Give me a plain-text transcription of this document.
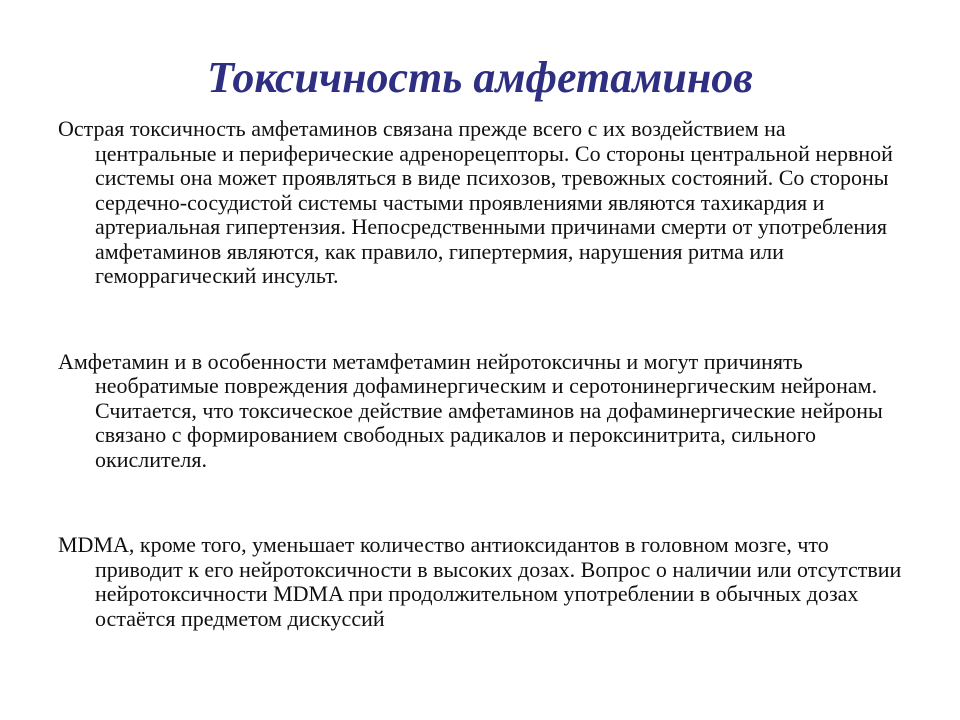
Токсичность амфетаминов

Острая токсичность амфетаминов связана прежде всего с их воздействием на центральные и периферические адренорецепторы. Со стороны центральной нервной системы она может проявляться в виде психозов, тревожных состояний. Со стороны сердечно-сосудистой системы частыми проявлениями являются тахикардия и артериальная гипертензия. Непосредственными причинами смерти от употребления амфетаминов являются, как правило, гипертермия, нарушения ритма или геморрагический инсульт.

Амфетамин и в особенности метамфетамин нейротоксичны и могут причинять необратимые повреждения дофаминергическим и серотонинергическим нейронам. Считается, что токсическое действие амфетаминов на дофаминергические нейроны связано с формированием свободных радикалов и пероксинитрита, сильного окислителя.

MDMA, кроме того, уменьшает количество антиоксидантов в головном мозге, что приводит к его нейротоксичности в высоких дозах. Вопрос о наличии или отсутствии нейротоксичности MDMA при продолжительном употреблении в обычных дозах остаётся предметом дискуссий
